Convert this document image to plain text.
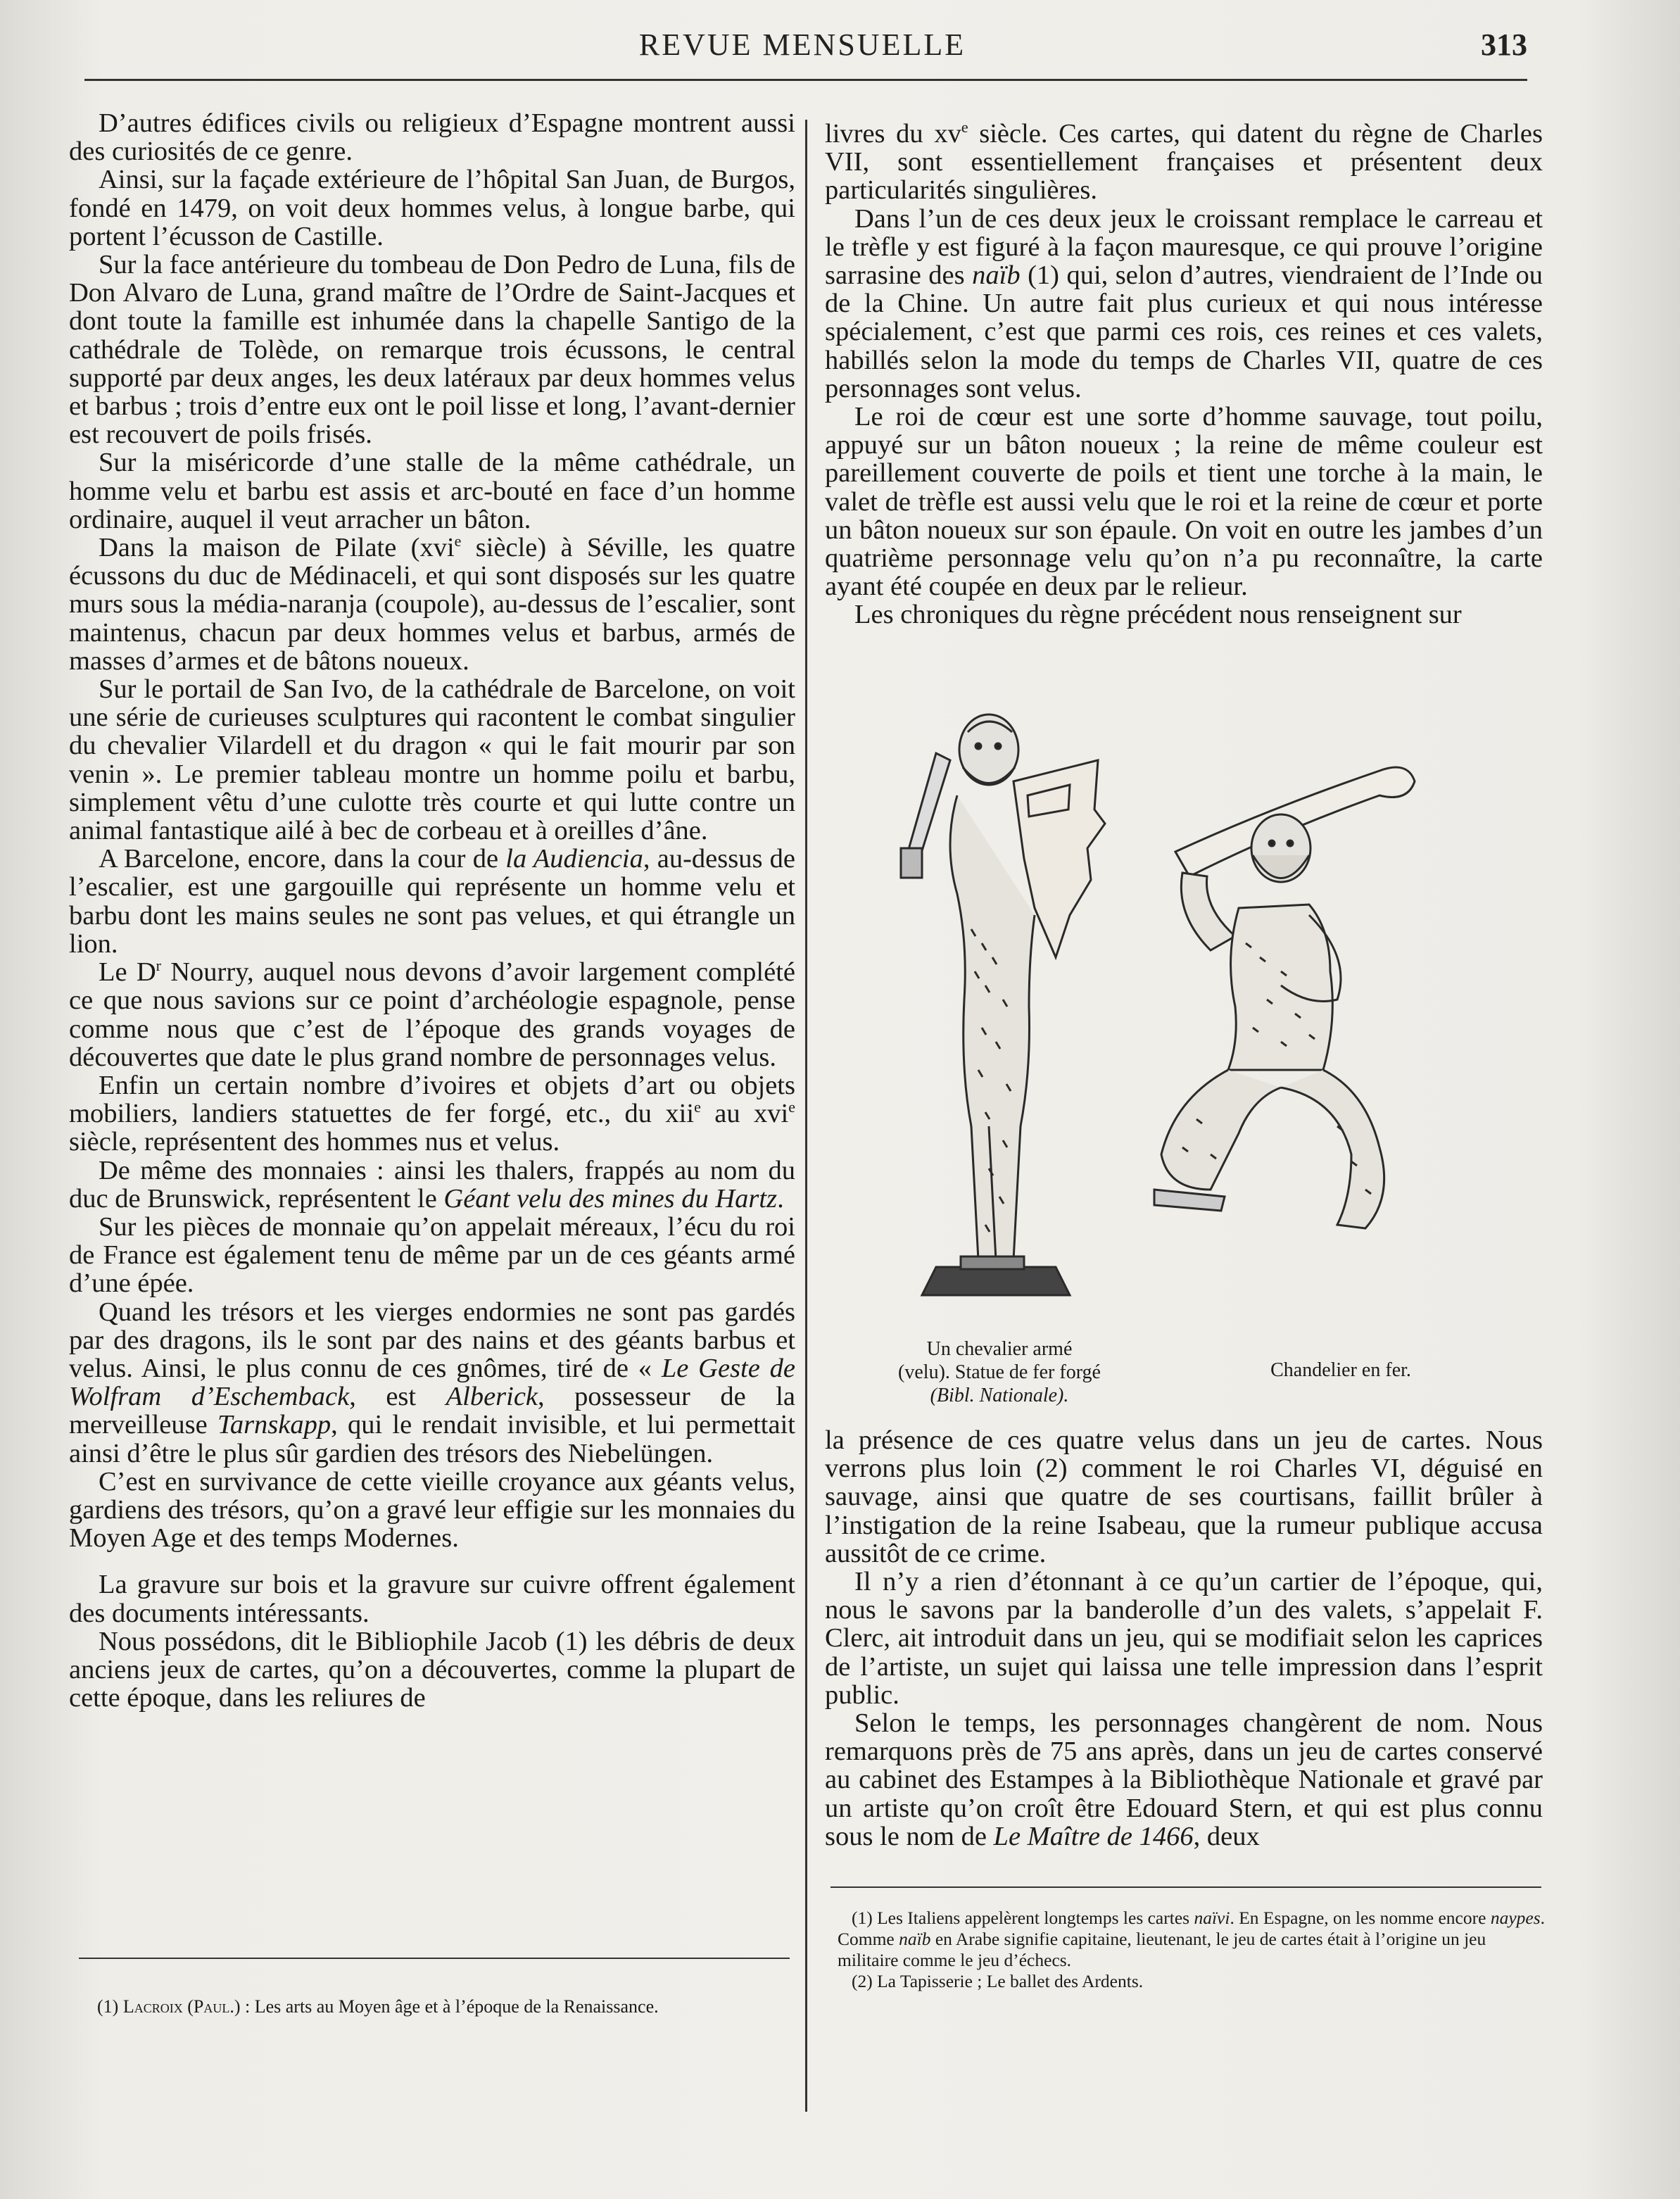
REVUE MENSUELLE	313

D’autres édifices civils ou religieux d’Espagne montrent aussi des curiosités de ce genre.

Ainsi, sur la façade extérieure de l’hôpital San Juan, de Burgos, fondé en 1479, on voit deux hommes velus, à longue barbe, qui portent l’écusson de Castille.

Sur la face antérieure du tombeau de Don Pedro de Luna, fils de Don Alvaro de Luna, grand maître de l’Ordre de Saint-Jacques et dont toute la famille est inhumée dans la chapelle Santigo de la cathédrale de Tolède, on remarque trois écussons, le central supporté par deux anges, les deux latéraux par deux hommes velus et barbus ; trois d’entre eux ont le poil lisse et long, l’avant-dernier est recouvert de poils frisés.

Sur la miséricorde d’une stalle de la même cathédrale, un homme velu et barbu est assis et arc-bouté en face d’un homme ordinaire, auquel il veut arracher un bâton.

Dans la maison de Pilate (xvi$^e$ siècle) à Séville, les quatre écussons du duc de Médinaceli, et qui sont disposés sur les quatre murs sous la média-naranja (coupole), au-dessus de l’escalier, sont maintenus, chacun par deux hommes velus et barbus, armés de masses d’armes et de bâtons noueux.

Sur le portail de San Ivo, de la cathédrale de Barcelone, on voit une série de curieuses sculptures qui racontent le combat singulier du chevalier Vilardell et du dragon « qui le fait mourir par son venin ». Le premier tableau montre un homme poilu et barbu, simplement vêtu d’une culotte très courte et qui lutte contre un animal fantastique ailé à bec de corbeau et à oreilles d’âne.

A Barcelone, encore, dans la cour de la Audiencia, au-dessus de l’escalier, est une gargouille qui représente un homme velu et barbu dont les mains seules ne sont pas velues, et qui étrangle un lion.

Le $D^r$ Nourry, auquel nous devons d’avoir largement complété ce que nous savions sur ce point d’archéologie espagnole, pense comme nous que c’est de l’époque des grands voyages de découvertes que date le plus grand nombre de personnages velus.

Enfin un certain nombre d’ivoires et objets d’art ou objets mobiliers, landiers statuettes de fer forgé, etc., du xii$^e$ au xvi$^e$ siècle, représentent des hommes nus et velus.

De même des monnaies : ainsi les thalers, frappés au nom du duc de Brunswick, représentent le Géant velu des mines du Hartz.

Sur les pièces de monnaie qu’on appelait méreaux, l’écu du roi de France est également tenu de même par un de ces géants armé d’une épée.

Quand les trésors et les vierges endormies ne sont pas gardés par des dragons, ils le sont par des nains et des géants barbus et velus. Ainsi, le plus connu de ces gnômes, tiré de « Le Geste de Wolfram d’Eschemback, est Alberick, possesseur de la merveilleuse Tarnskapp, qui le rendait invisible, et lui permettait ainsi d’être le plus sûr gardien des trésors des Niebelüngen.

C’est en survivance de cette vieille croyance aux géants velus, gardiens des trésors, qu’on a gravé leur effigie sur les monnaies du Moyen Age et des temps Modernes.

La gravure sur bois et la gravure sur cuivre offrent également des documents intéressants.

Nous possédons, dit le Bibliophile Jacob (1) les débris de deux anciens jeux de cartes, qu’on a découvertes, comme la plupart de cette époque, dans les reliures de

(1) Lacroix (Paul.) : Les arts au Moyen âge et à l’époque de la Renaissance.

livres du $xv^e$ siècle. Ces cartes, qui datent du règne de Charles VII, sont essentiellement françaises et présentent deux particularités singulières.

Dans l’un de ces deux jeux le croissant remplace le carreau et le trèfle y est figuré à la façon mauresque, ce qui prouve l’origine sarrasine des naïb (1) qui, selon d’autres, viendraient de l’Inde ou de la Chine. Un autre fait plus curieux et qui nous intéresse spécialement, c’est que parmi ces rois, ces reines et ces valets, habillés selon la mode du temps de Charles VII, quatre de ces personnages sont velus.

Le roi de cœur est une sorte d’homme sauvage, tout poilu, appuyé sur un bâton noueux ; la reine de même couleur est pareillement couverte de poils et tient une torche à la main, le valet de trèfle est aussi velu que le roi et la reine de cœur et porte un bâton noueux sur son épaule. On voit en outre les jambes d’un quatrième personnage velu qu’on n’a pu reconnaître, la carte ayant été coupée en deux par le relieur.

Les chroniques du règne précédent nous renseignent sur

Un chevalier armé
(velu). Statue de fer forgé
(Bibl. Nationale).
Chandelier en fer.

la présence de ces quatre velus dans un jeu de cartes. Nous verrons plus loin (2) comment le roi Charles VI, déguisé en sauvage, ainsi que quatre de ses courtisans, faillit brûler à l’instigation de la reine Isabeau, que la rumeur publique accusa aussitôt de ce crime.

Il n’y a rien d’étonnant à ce qu’un cartier de l’époque, qui, nous le savons par la banderolle d’un des valets, s’appelait F. Clerc, ait introduit dans un jeu, qui se modifiait selon les caprices de l’artiste, un sujet qui laissa une telle impression dans l’esprit public.

Selon le temps, les personnages changèrent de nom. Nous remarquons près de 75 ans après, dans un jeu de cartes conservé au cabinet des Estampes à la Bibliothèque Nationale et gravé par un artiste qu’on croît être Edouard Stern, et qui est plus connu sous le nom de Le Maître de 1466, deux

(1) Les Italiens appelèrent longtemps les cartes naïvi. En Espagne, on les nomme encore naypes. Comme naïb en Arabe signifie capitaine, lieutenant, le jeu de cartes était à l’origine un jeu militaire comme le jeu d’échecs.

(2) La Tapisserie ; Le ballet des Ardents.
